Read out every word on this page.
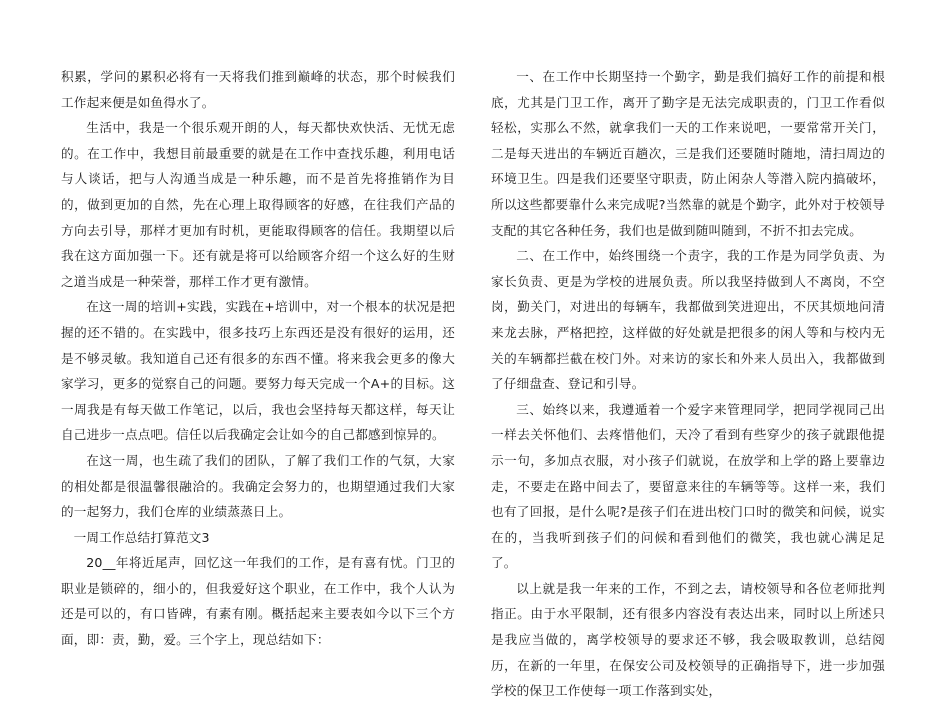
积累，学问的累积必将有一天将我们推到巅峰的状态，那个时候我们工作起来便是如鱼得水了。

生活中，我是一个很乐观开朗的人，每天都快欢快活、无忧无虑的。在工作中，我想目前最重要的就是在工作中查找乐趣，利用电话与人谈话，把与人沟通当成是一种乐趣，而不是首先将推销作为目的，做到更加的自然，先在心理上取得顾客的好感，在往我们产品的方向去引导，那样才更加有时机，更能取得顾客的信任。我期望以后我在这方面加强一下。还有就是将可以给顾客介绍一个这么好的生财之道当成是一种荣誉，那样工作才更有激情。

在这一周的培训+实践，实践在+培训中，对一个根本的状况是把握的还不错的。在实践中，很多技巧上东西还是没有很好的运用，还是不够灵敏。我知道自己还有很多的东西不懂。将来我会更多的像大家学习，更多的觉察自己的问题。要努力每天完成一个A+的目标。这一周我是有每天做工作笔记，以后，我也会坚持每天都这样，每天让自己进步一点点吧。信任以后我确定会让如今的自己都感到惊异的。

在这一周，也生疏了我们的团队，了解了我们工作的气氛，大家的相处都是很温馨很融洽的。我确定会努力的，也期望通过我们大家的一起努力，我们仓库的业绩蒸蒸日上。

一周工作总结打算范文3

20__年将近尾声，回忆这一年我们的工作，是有喜有忧。门卫的职业是锁碎的，细小的，但我爱好这个职业，在工作中，我个人认为还是可以的，有口皆碑，有素有刚。概括起来主要表如今以下三个方面，即：责，勤，爱。三个字上，现总结如下：

一、在工作中长期坚持一个勤字，勤是我们搞好工作的前提和根底，尤其是门卫工作，离开了勤字是无法完成职责的，门卫工作看似轻松，实那么不然，就拿我们一天的工作来说吧，一要常常开关门，二是每天进出的车辆近百趟次，三是我们还要随时随地，清扫周边的环境卫生。四是我们还要坚守职责，防止闲杂人等潜入院内搞破坏，所以这些都要靠什么来完成呢?当然靠的就是个勤字，此外对于校领导支配的其它各种任务，我们也是做到随叫随到，不折不扣去完成。

二、在工作中，始终围绕一个责字，我的工作是为同学负责、为家长负责、更是为学校的进展负责。所以我坚持做到人不离岗，不空岗，勤关门，对进出的每辆车，我都做到笑进迎出，不厌其烦地问清来龙去脉，严格把控，这样做的好处就是把很多的闲人等和与校内无关的车辆都拦截在校门外。对来访的家长和外来人员出入，我都做到了仔细盘查、登记和引导。

三、始终以来，我遵遁着一个爱字来管理同学，把同学视同己出一样去关怀他们、去疼惜他们，天冷了看到有些穿少的孩子就跟他提示一句，多加点衣服，对小孩子们就说，在放学和上学的路上要靠边走，不要走在路中间去了，要留意来往的车辆等等。这样一来，我们也有了回报，是什么呢?是孩子们在进出校门口时的微笑和问候，说实在的，当我听到孩子们的问候和看到他们的微笑，我也就心满足足了。

以上就是我一年来的工作，不到之去，请校领导和各位老师批判指正。由于水平限制，还有很多内容没有表达出来，同时以上所述只是我应当做的，离学校领导的要求还不够，我会吸取教训，总结阅历，在新的一年里，在保安公司及校领导的正确指导下，进一步加强学校的保卫工作使每一项工作落到实处，
